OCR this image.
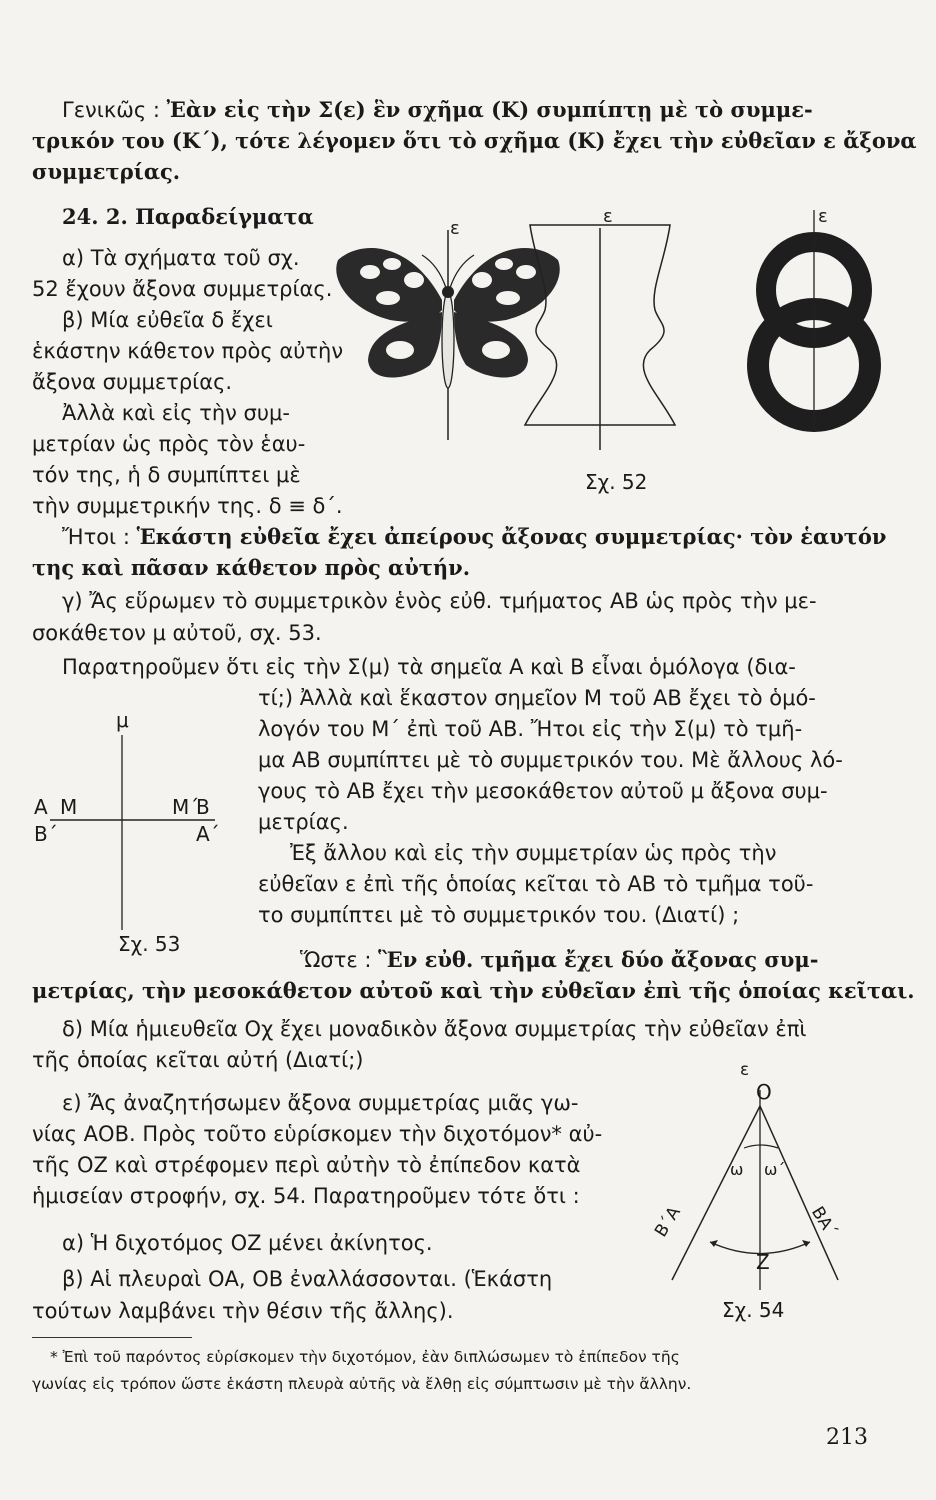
Γενικῶς : Ἐὰν εἰς τὴν Σ(ε) ἓν σχῆμα (Κ) συμπίπτῃ μὲ τὸ συμμε-
τρικόν του (Κ΄), τότε λέγομεν ὅτι τὸ σχῆμα (Κ) ἔχει τὴν εὐθεῖαν ε ἄξονα
συμμετρίας.
24. 2. Παραδείγματα
α) Τὰ σχήματα τοῦ σχ.
52 ἔχουν ἄξονα συμμετρίας.
β) Μία εὐθεῖα δ ἔχει
ἑκάστην κάθετον πρὸς αὐτὴν
ἄξονα συμμετρίας.
Ἀλλὰ καὶ εἰς τὴν συμ-
μετρίαν ὡς πρὸς τὸν ἑαυ-
τόν της, ἡ δ συμπίπτει μὲ
τὴν συμμετρικήν της. δ ≡ δ΄.
ε
ε	ε
Σχ. 52
Ἤτοι : Ἑκάστη εὐθεῖα ἔχει ἀπείρους ἄξονας συμμετρίας· τὸν ἑαυτόν
της καὶ πᾶσαν κάθετον πρὸς αὐτήν.
γ) Ἄς εὕρωμεν τὸ συμμετρικὸν ἑνὸς εὐθ. τμήματος ΑΒ ὡς πρὸς τὴν με-
σοκάθετον μ αὐτοῦ, σχ. 53.
Παρατηροῦμεν ὅτι εἰς τὴν Σ(μ) τὰ σημεῖα Α καὶ Β εἶναι ὁμόλογα (δια-
μ
Α Μ	Μ΄
Β
Β΄	Α΄
Σχ. 53
τί;) Ἀλλὰ καὶ ἕκαστον σημεῖον Μ τοῦ ΑΒ ἔχει τὸ ὁμό-
λογόν του Μ΄ ἐπὶ τοῦ ΑΒ. Ἤτοι εἰς τὴν Σ(μ) τὸ τμῆ-
μα ΑΒ συμπίπτει μὲ τὸ συμμετρικόν του. Μὲ ἄλλους λό-
γους τὸ ΑΒ ἔχει τὴν μεσοκάθετον αὐτοῦ μ ἄξονα συμ-
μετρίας.
Ἐξ ἄλλου καὶ εἰς τὴν συμμετρίαν ὡς πρὸς τὴν
εὐθεῖαν ε ἐπὶ τῆς ὁποίας κεῖται τὸ ΑΒ τὸ τμῆμα τοῦ-
το συμπίπτει μὲ τὸ συμμετρικόν του. (Διατί) ;
Ὥστε : Ἓν εὐθ. τμῆμα ἔχει δύο ἄξονας συμ-
μετρίας, τὴν μεσοκάθετον αὐτοῦ καὶ τὴν εὐθεῖαν ἐπὶ τῆς ὁποίας κεῖται.
δ) Μία ἡμιευθεῖα Οχ ἔχει μοναδικὸν ἄξονα συμμετρίας τὴν εὐθεῖαν ἐπὶ
τῆς ὁποίας κεῖται αὐτή (Διατί;)
ε) Ἄς ἀναζητήσωμεν ἄξονα συμμετρίας μιᾶς γω-
νίας ΑΟΒ. Πρὸς τοῦτο εὑρίσκομεν τὴν διχοτόμον* αὐ-
τῆς ΟΖ καὶ στρέφομεν περὶ αὐτὴν τὸ ἐπίπεδον κατὰ
ἡμισείαν στροφήν, σχ. 54. Παρατηροῦμεν τότε ὅτι :
α) Ἡ διχοτόμος ΟΖ μένει ἀκίνητος.
β) Αἱ πλευραὶ ΟΑ, ΟΒ ἐναλλάσσονται. (Ἑκάστη
τούτων λαμβάνει τὴν θέσιν τῆς ἄλλης).
ε
Ο
ω ω΄
Β΄Α	ΒΑ΄
Ζ
Σχ. 54
* Ἐπὶ τοῦ παρόντος εὑρίσκομεν τὴν διχοτόμον, ἐὰν διπλώσωμεν τὸ ἐπίπεδον τῆς
γωνίας εἰς τρόπον ὥστε ἑκάστη πλευρὰ αὐτῆς νὰ ἔλθῃ εἰς σύμπτωσιν μὲ τὴν ἄλλην.
213
